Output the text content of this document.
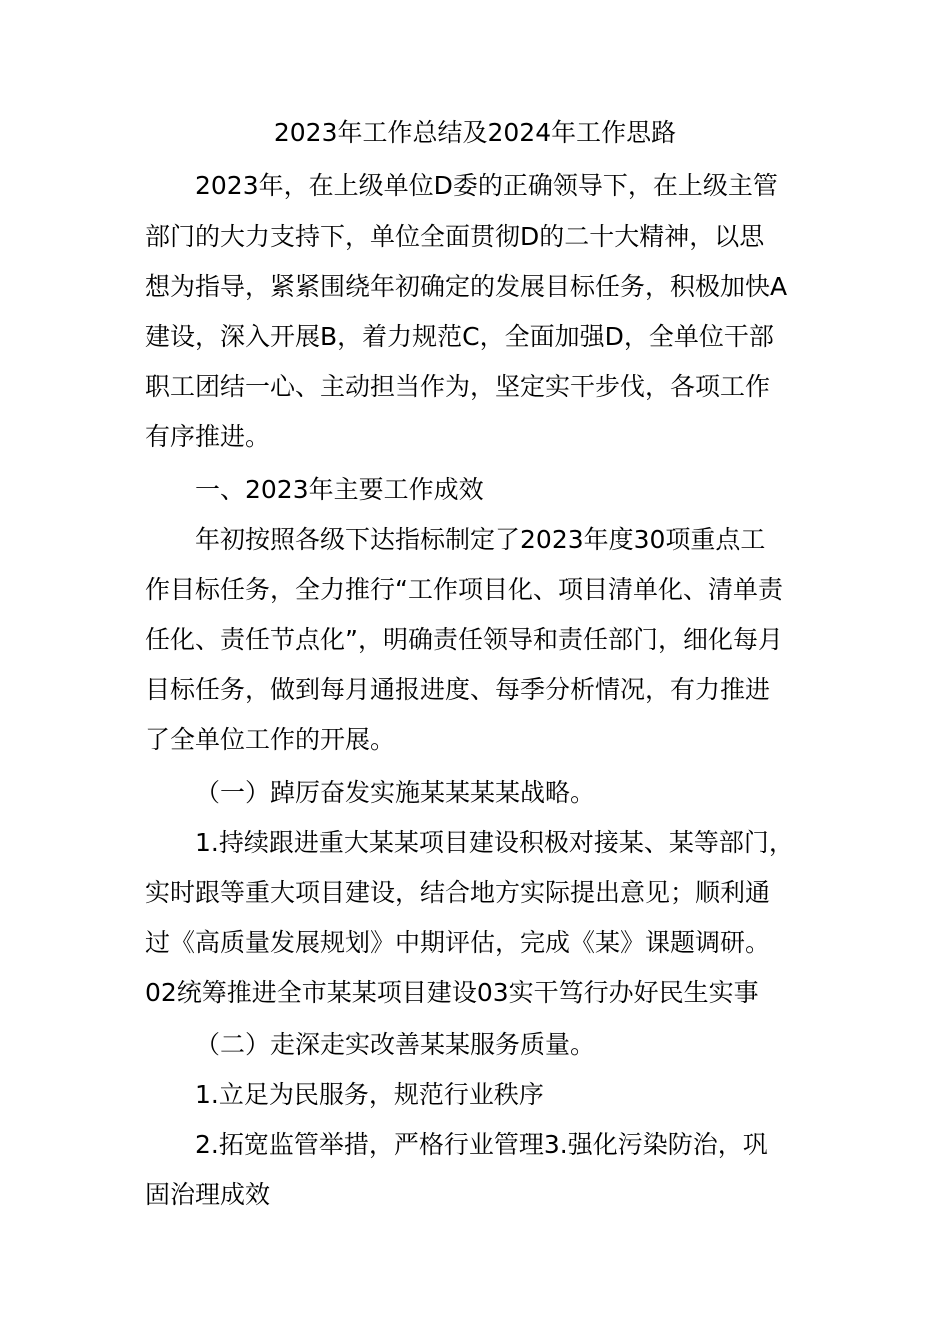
2023年工作总结及2024年工作思路
2023年，在上级单位D委的正确领导下，在上级主管
部门的大力支持下，单位全面贯彻D的二十大精神，以思
想为指导，紧紧围绕年初确定的发展目标任务，积极加快A
建设，深入开展B，着力规范C，全面加强D，全单位干部
职工团结一心、主动担当作为，坚定实干步伐，各项工作
有序推进。
一、2023年主要工作成效
年初按照各级下达指标制定了2023年度30项重点工
作目标任务，全力推行“工作项目化、项目清单化、清单责
任化、责任节点化”，明确责任领导和责任部门，细化每月
目标任务，做到每月通报进度、每季分析情况，有力推进
了全单位工作的开展。
（一）踔厉奋发实施某某某某战略。
1.持续跟进重大某某项目建设积极对接某、某等部门，
实时跟等重大项目建设，结合地方实际提出意见；顺利通
过《高质量发展规划》中期评估，完成《某》课题调研。
02统筹推进全市某某项目建设03实干笃行办好民生实事
（二）走深走实改善某某服务质量。
1.立足为民服务，规范行业秩序
2.拓宽监管举措，严格行业管理3.强化污染防治，巩
固治理成效
